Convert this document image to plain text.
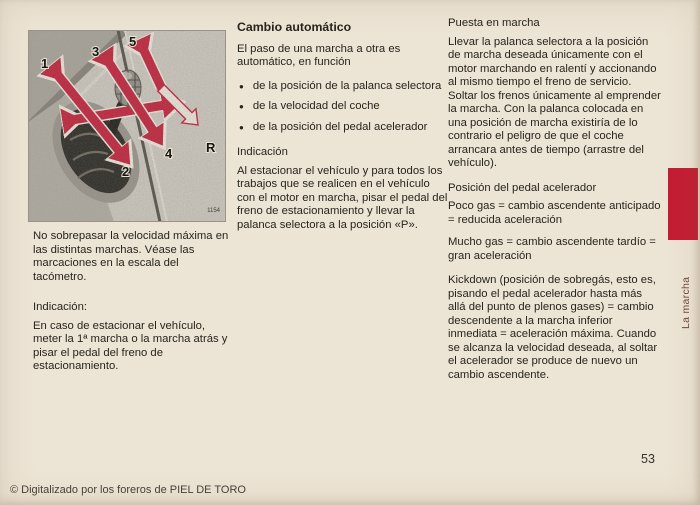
1
2
3
4
5
R
1154

No sobrepasar la velocidad máxima en las distintas marchas. Véase las marcaciones en la escala del tacómetro.

Indicación:

En caso de estacionar el vehículo, meter la 1ª marcha o la marcha atrás y pisar el pedal del freno de estacionamiento.

Cambio automático

El paso de una marcha a otra es automático, en función

● de la posición de la palanca selectora
● de la velocidad del coche
● de la posición del pedal acelerador

Indicación

Al estacionar el vehículo y para todos los trabajos que se realicen en el vehículo con el motor en marcha, pisar el pedal del freno de estacionamiento y llevar la palanca selectora a la posición «P».

Puesta en marcha

Llevar la palanca selectora a la posición de marcha deseada únicamente con el motor marchando en ralentí y accionando al mismo tiempo el freno de servicio. Soltar los frenos únicamente al emprender la marcha. Con la palanca colocada en una posición de marcha existiría de lo contrario el peligro de que el coche arrancara antes de tiempo (arrastre del vehículo).

Posición del pedal acelerador

Poco gas = cambio ascendente anticipado = reducida aceleración

Mucho gas = cambio ascendente tardío = gran aceleración

Kickdown (posición de sobregás, esto es, pisando el pedal acelerador hasta más allá del punto de plenos gases) = cambio descendente a la marcha inferior inmediata = aceleración máxima. Cuando se alcanza la velocidad deseada, al soltar el acelerador se produce de nuevo un cambio ascendente.

La marcha
53
© Digitalizado por los foreros de PIEL DE TORO
